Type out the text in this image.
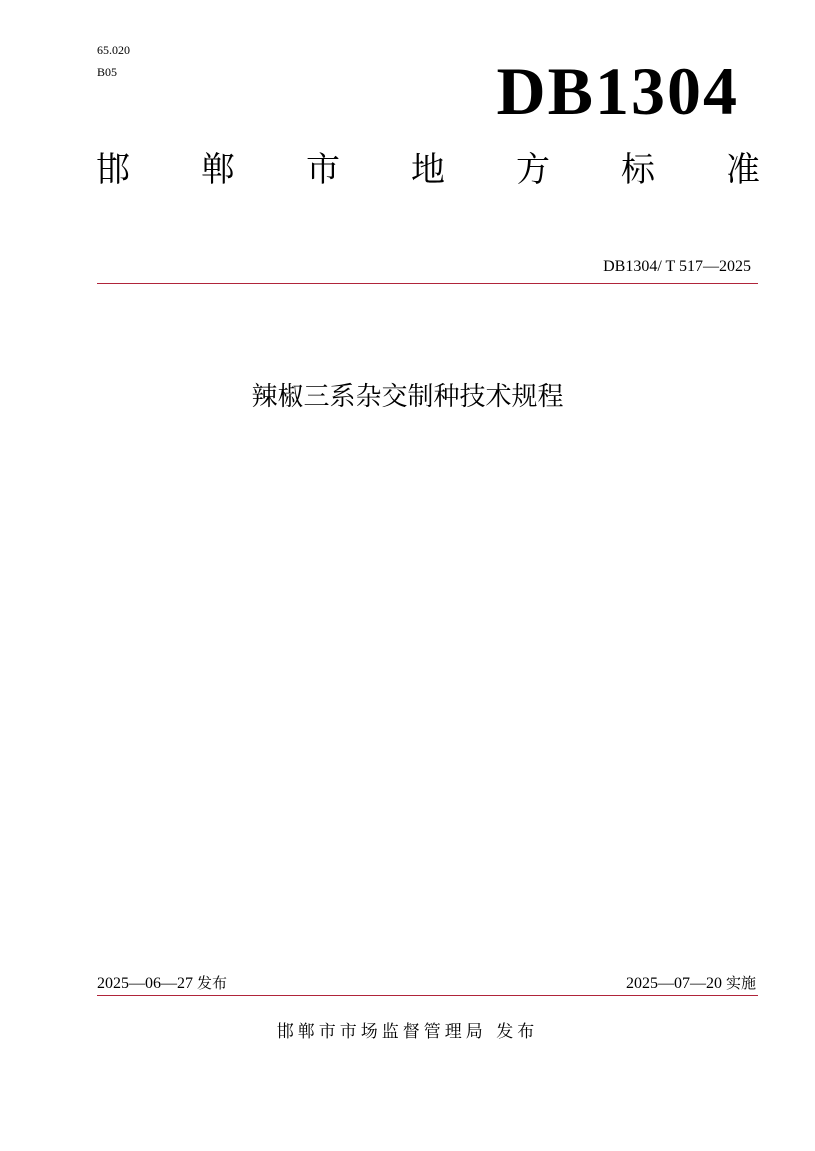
65.020
B05	DB1304
邯 郸 市 地 方 标 准
DB1304/ T 517—2025
辣椒三系杂交制种技术规程
2025—06—27 发布	2025—07—20 实施
邯郸市市场监督管理局 发布
